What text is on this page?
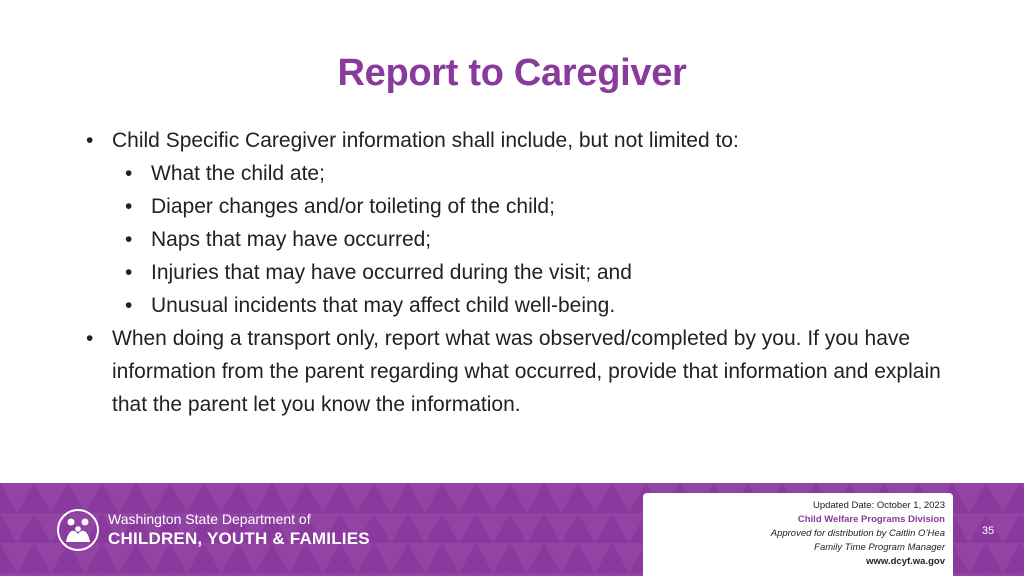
Report to Caregiver
• Child Specific Caregiver information shall include, but not limited to:
• What the child ate;
• Diaper changes and/or toileting of the child;
• Naps that may have occurred;
• Injuries that may have occurred during the visit; and
• Unusual incidents that may affect child well-being.
• When doing a transport only, report what was observed/completed by you. If you have information from the parent regarding what occurred, provide that information and explain that the parent let you know the information.
Washington State Department of
CHILDREN, YOUTH & FAMILIES
Updated Date: October 1, 2023
Child Welfare Programs Division
Approved for distribution by Caitlin O’Hea
Family Time Program Manager
www.dcyf.wa.gov
35
